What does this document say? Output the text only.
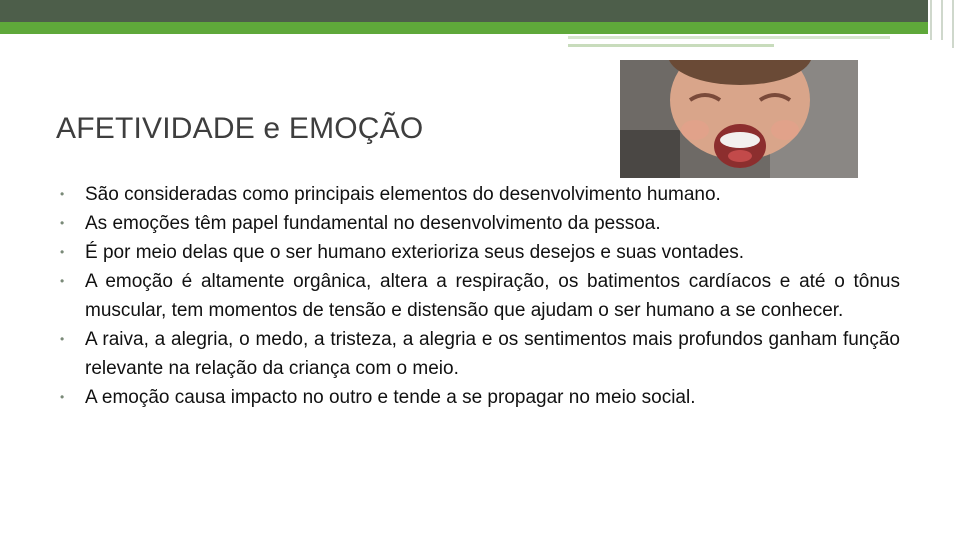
AFETIVIDADE e EMOÇÃO
• São consideradas como principais elementos do desenvolvimento humano.
• As emoções têm papel fundamental no desenvolvimento da pessoa.
• É por meio delas que o ser humano exterioriza seus desejos e suas vontades.
• A emoção é altamente orgânica, altera a respiração, os batimentos cardíacos e até o tônus muscular, tem momentos de tensão e distensão que ajudam o ser humano a se conhecer.
• A raiva, a alegria, o medo, a tristeza, a alegria e os sentimentos mais profundos ganham função relevante na relação da criança com o meio.
• A emoção causa impacto no outro e tende a se propagar no meio social.
